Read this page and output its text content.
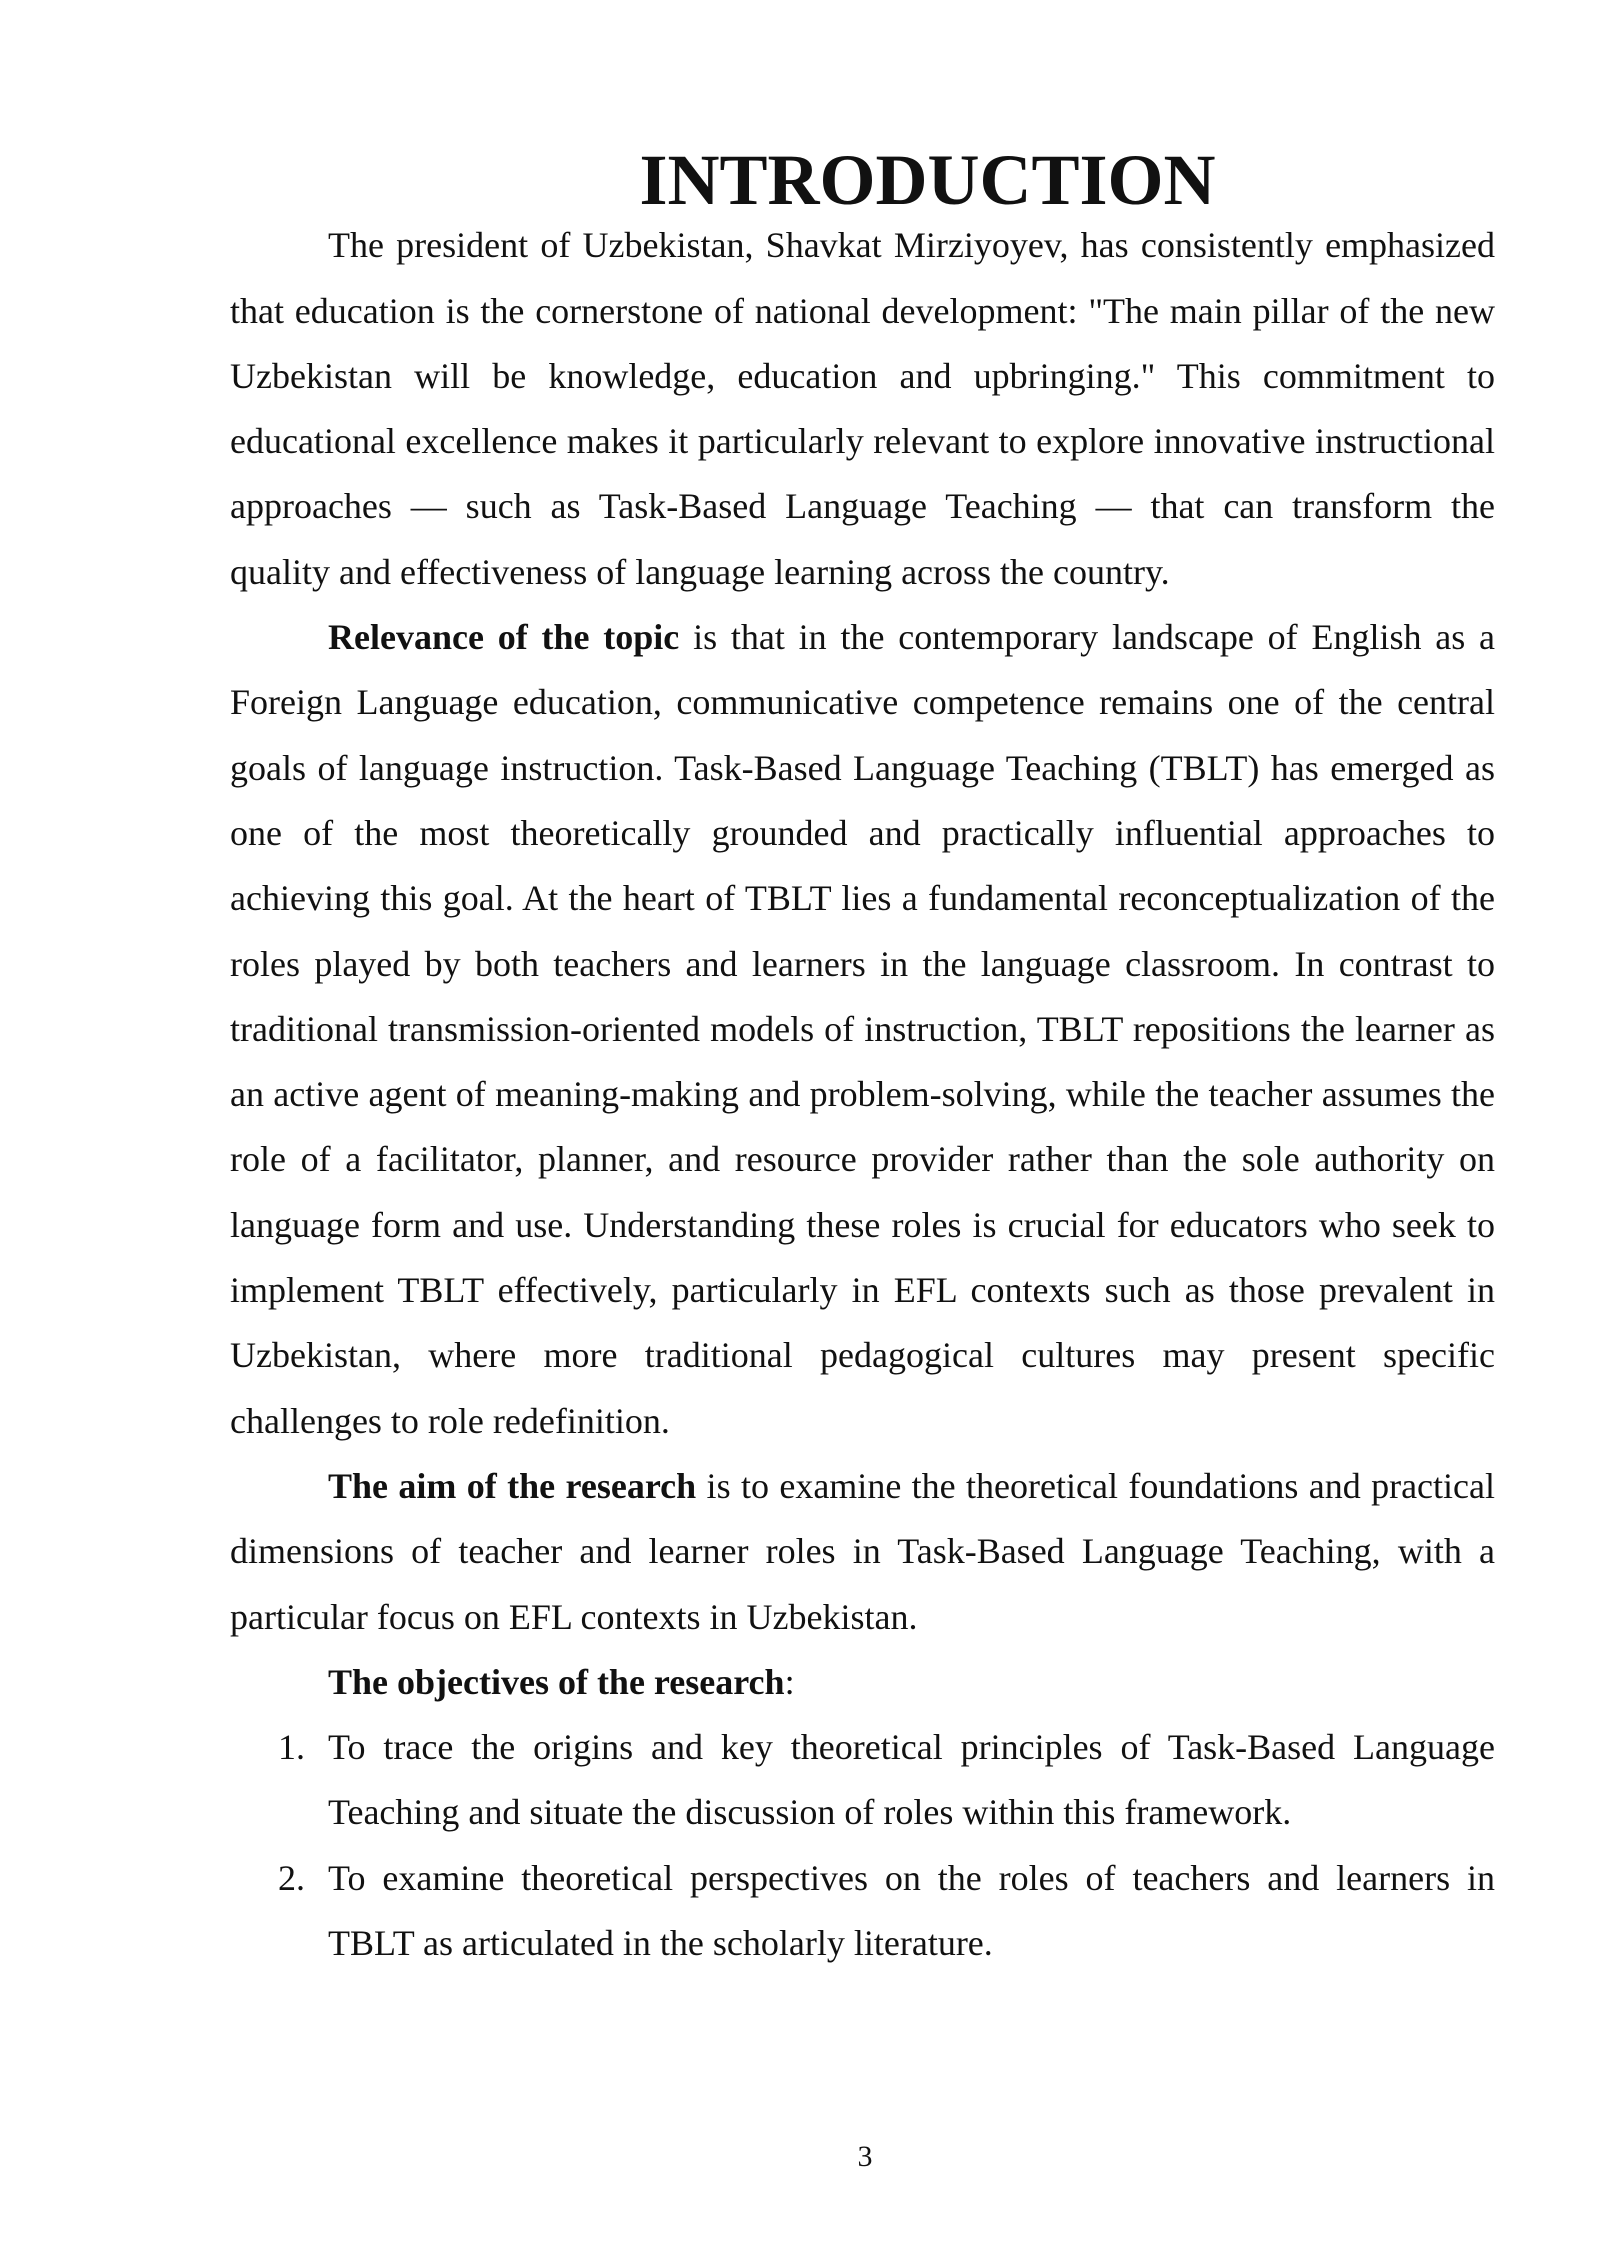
INTRODUCTION

The president of Uzbekistan, Shavkat Mirziyoyev, has consistently emphasized that education is the cornerstone of national development: "The main pillar of the new Uzbekistan will be knowledge, education and upbringing." This commitment to educational excellence makes it particularly relevant to explore innovative instructional approaches — such as Task-Based Language Teaching — that can transform the quality and effectiveness of language learning across the country.

Relevance of the topic is that in the contemporary landscape of English as a Foreign Language education, communicative competence remains one of the central goals of language instruction. Task-Based Language Teaching (TBLT) has emerged as one of the most theoretically grounded and practically influential approaches to achieving this goal. At the heart of TBLT lies a fundamental reconceptualization of the roles played by both teachers and learners in the language classroom. In contrast to traditional transmission-oriented models of instruction, TBLT repositions the learner as an active agent of meaning-making and problem-solving, while the teacher assumes the role of a facilitator, planner, and resource provider rather than the sole authority on language form and use. Understanding these roles is crucial for educators who seek to implement TBLT effectively, particularly in EFL contexts such as those prevalent in Uzbekistan, where more traditional pedagogical cultures may present specific challenges to role redefinition.

The aim of the research is to examine the theoretical foundations and practical dimensions of teacher and learner roles in Task-Based Language Teaching, with a particular focus on EFL contexts in Uzbekistan.

The objectives of the research:

1. To trace the origins and key theoretical principles of Task-Based Language Teaching and situate the discussion of roles within this framework.
2. To examine theoretical perspectives on the roles of teachers and learners in TBLT as articulated in the scholarly literature.
3
